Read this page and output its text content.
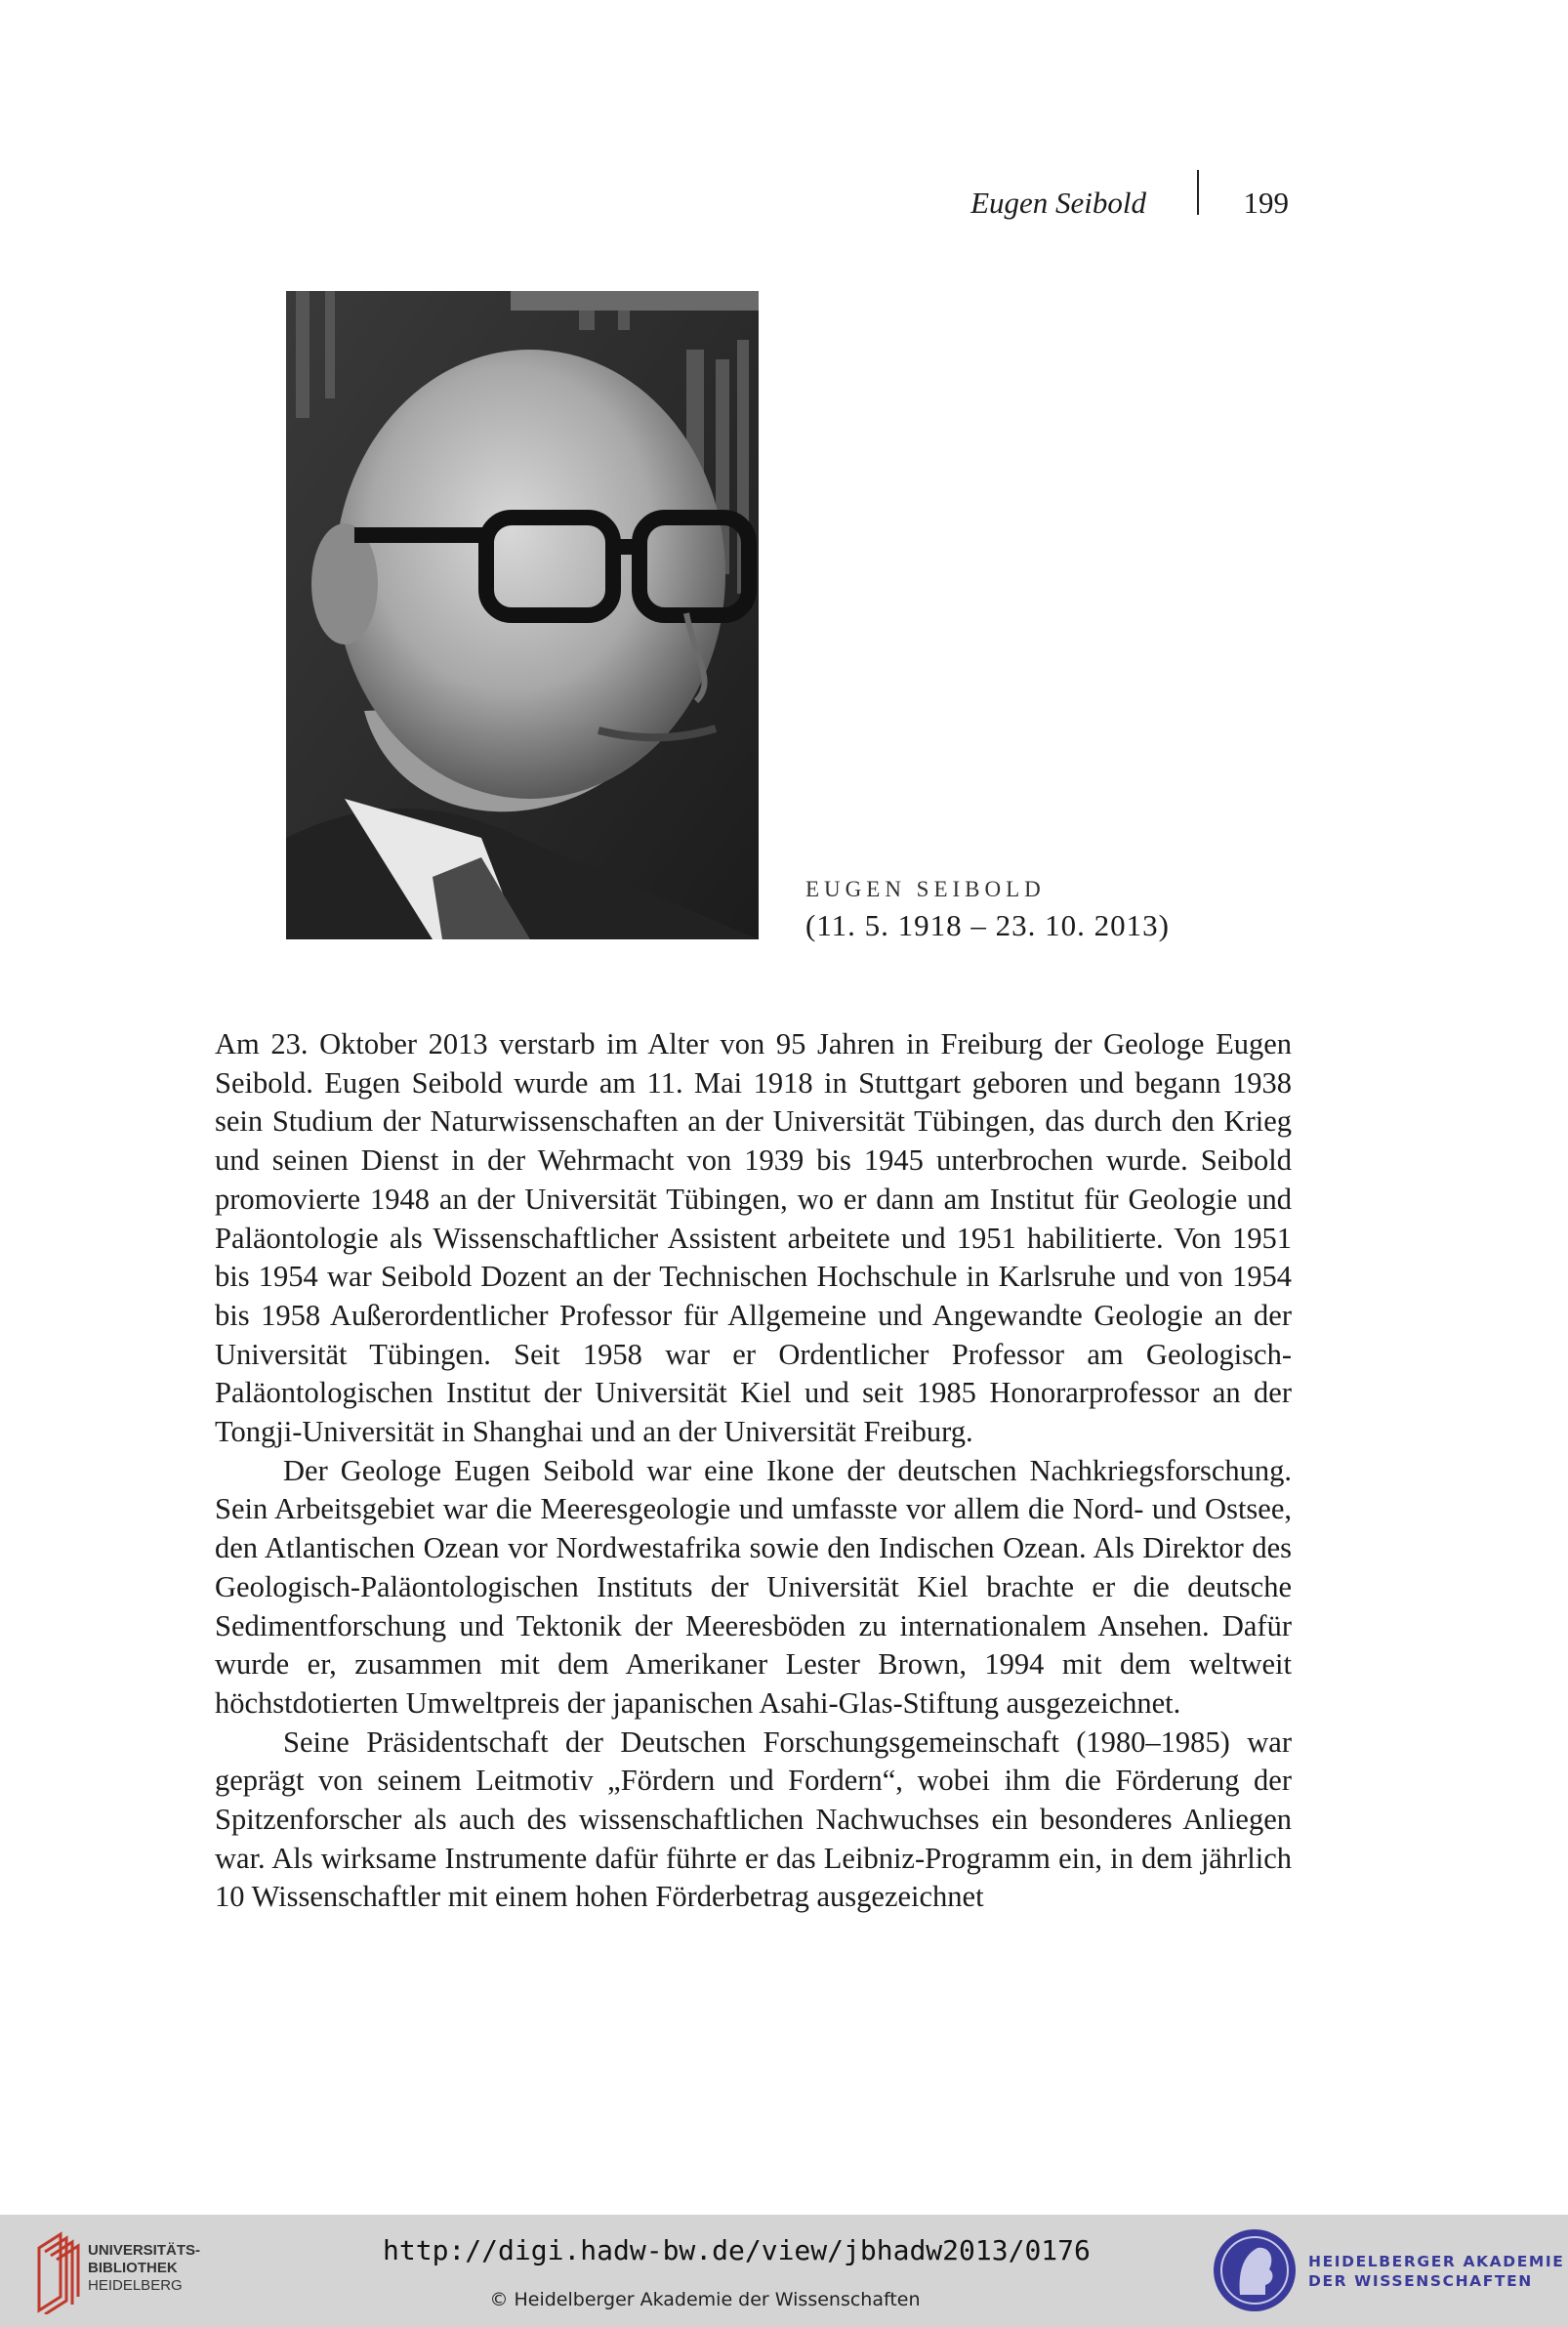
Eugen Seibold	199
EUGEN SEIBOLD
(11. 5. 1918 – 23. 10. 2013)

Am 23. Oktober 2013 verstarb im Alter von 95 Jahren in Freiburg der Geologe Eugen Seibold. Eugen Seibold wurde am 11. Mai 1918 in Stuttgart geboren und begann 1938 sein Studium der Naturwissenschaften an der Universität Tübingen, das durch den Krieg und seinen Dienst in der Wehrmacht von 1939 bis 1945 unterbrochen wurde. Seibold promovierte 1948 an der Universität Tübingen, wo er dann am Institut für Geologie und Paläontologie als Wissenschaftlicher Assistent arbeitete und 1951 habilitierte. Von 1951 bis 1954 war Seibold Dozent an der Technischen Hochschule in Karlsruhe und von 1954 bis 1958 Außerordentlicher Professor für Allgemeine und Angewandte Geologie an der Universität Tübingen. Seit 1958 war er Ordentlicher Professor am Geologisch-Paläontologischen Institut der Universität Kiel und seit 1985 Honorarprofessor an der Tongji-Universität in Shanghai und an der Universität Freiburg.

Der Geologe Eugen Seibold war eine Ikone der deutschen Nachkriegsforschung. Sein Arbeitsgebiet war die Meeresgeologie und umfasste vor allem die Nord- und Ostsee, den Atlantischen Ozean vor Nordwestafrika sowie den Indischen Ozean. Als Direktor des Geologisch-Paläontologischen Instituts der Universität Kiel brachte er die deutsche Sedimentforschung und Tektonik der Meeresböden zu internationalem Ansehen. Dafür wurde er, zusammen mit dem Amerikaner Lester Brown, 1994 mit dem weltweit höchstdotierten Umweltpreis der japanischen Asahi-Glas-Stiftung ausgezeichnet.

Seine Präsidentschaft der Deutschen Forschungsgemeinschaft (1980–1985) war geprägt von seinem Leitmotiv „Fördern und Fordern“, wobei ihm die Förderung der Spitzenforscher als auch des wissenschaftlichen Nachwuchses ein besonderes Anliegen war. Als wirksame Instrumente dafür führte er das Leibniz-Programm ein, in dem jährlich 10 Wissenschaftler mit einem hohen Förderbetrag ausgezeichnet

UNIVERSITÄTS-
BIBLIOTHEK
HEIDELBERG
http://digi.hadw-bw.de/view/jbhadw2013/0176
© Heidelberger Akademie der Wissenschaften
HEIDELBERGER AKADEMIE
DER WISSENSCHAFTEN
